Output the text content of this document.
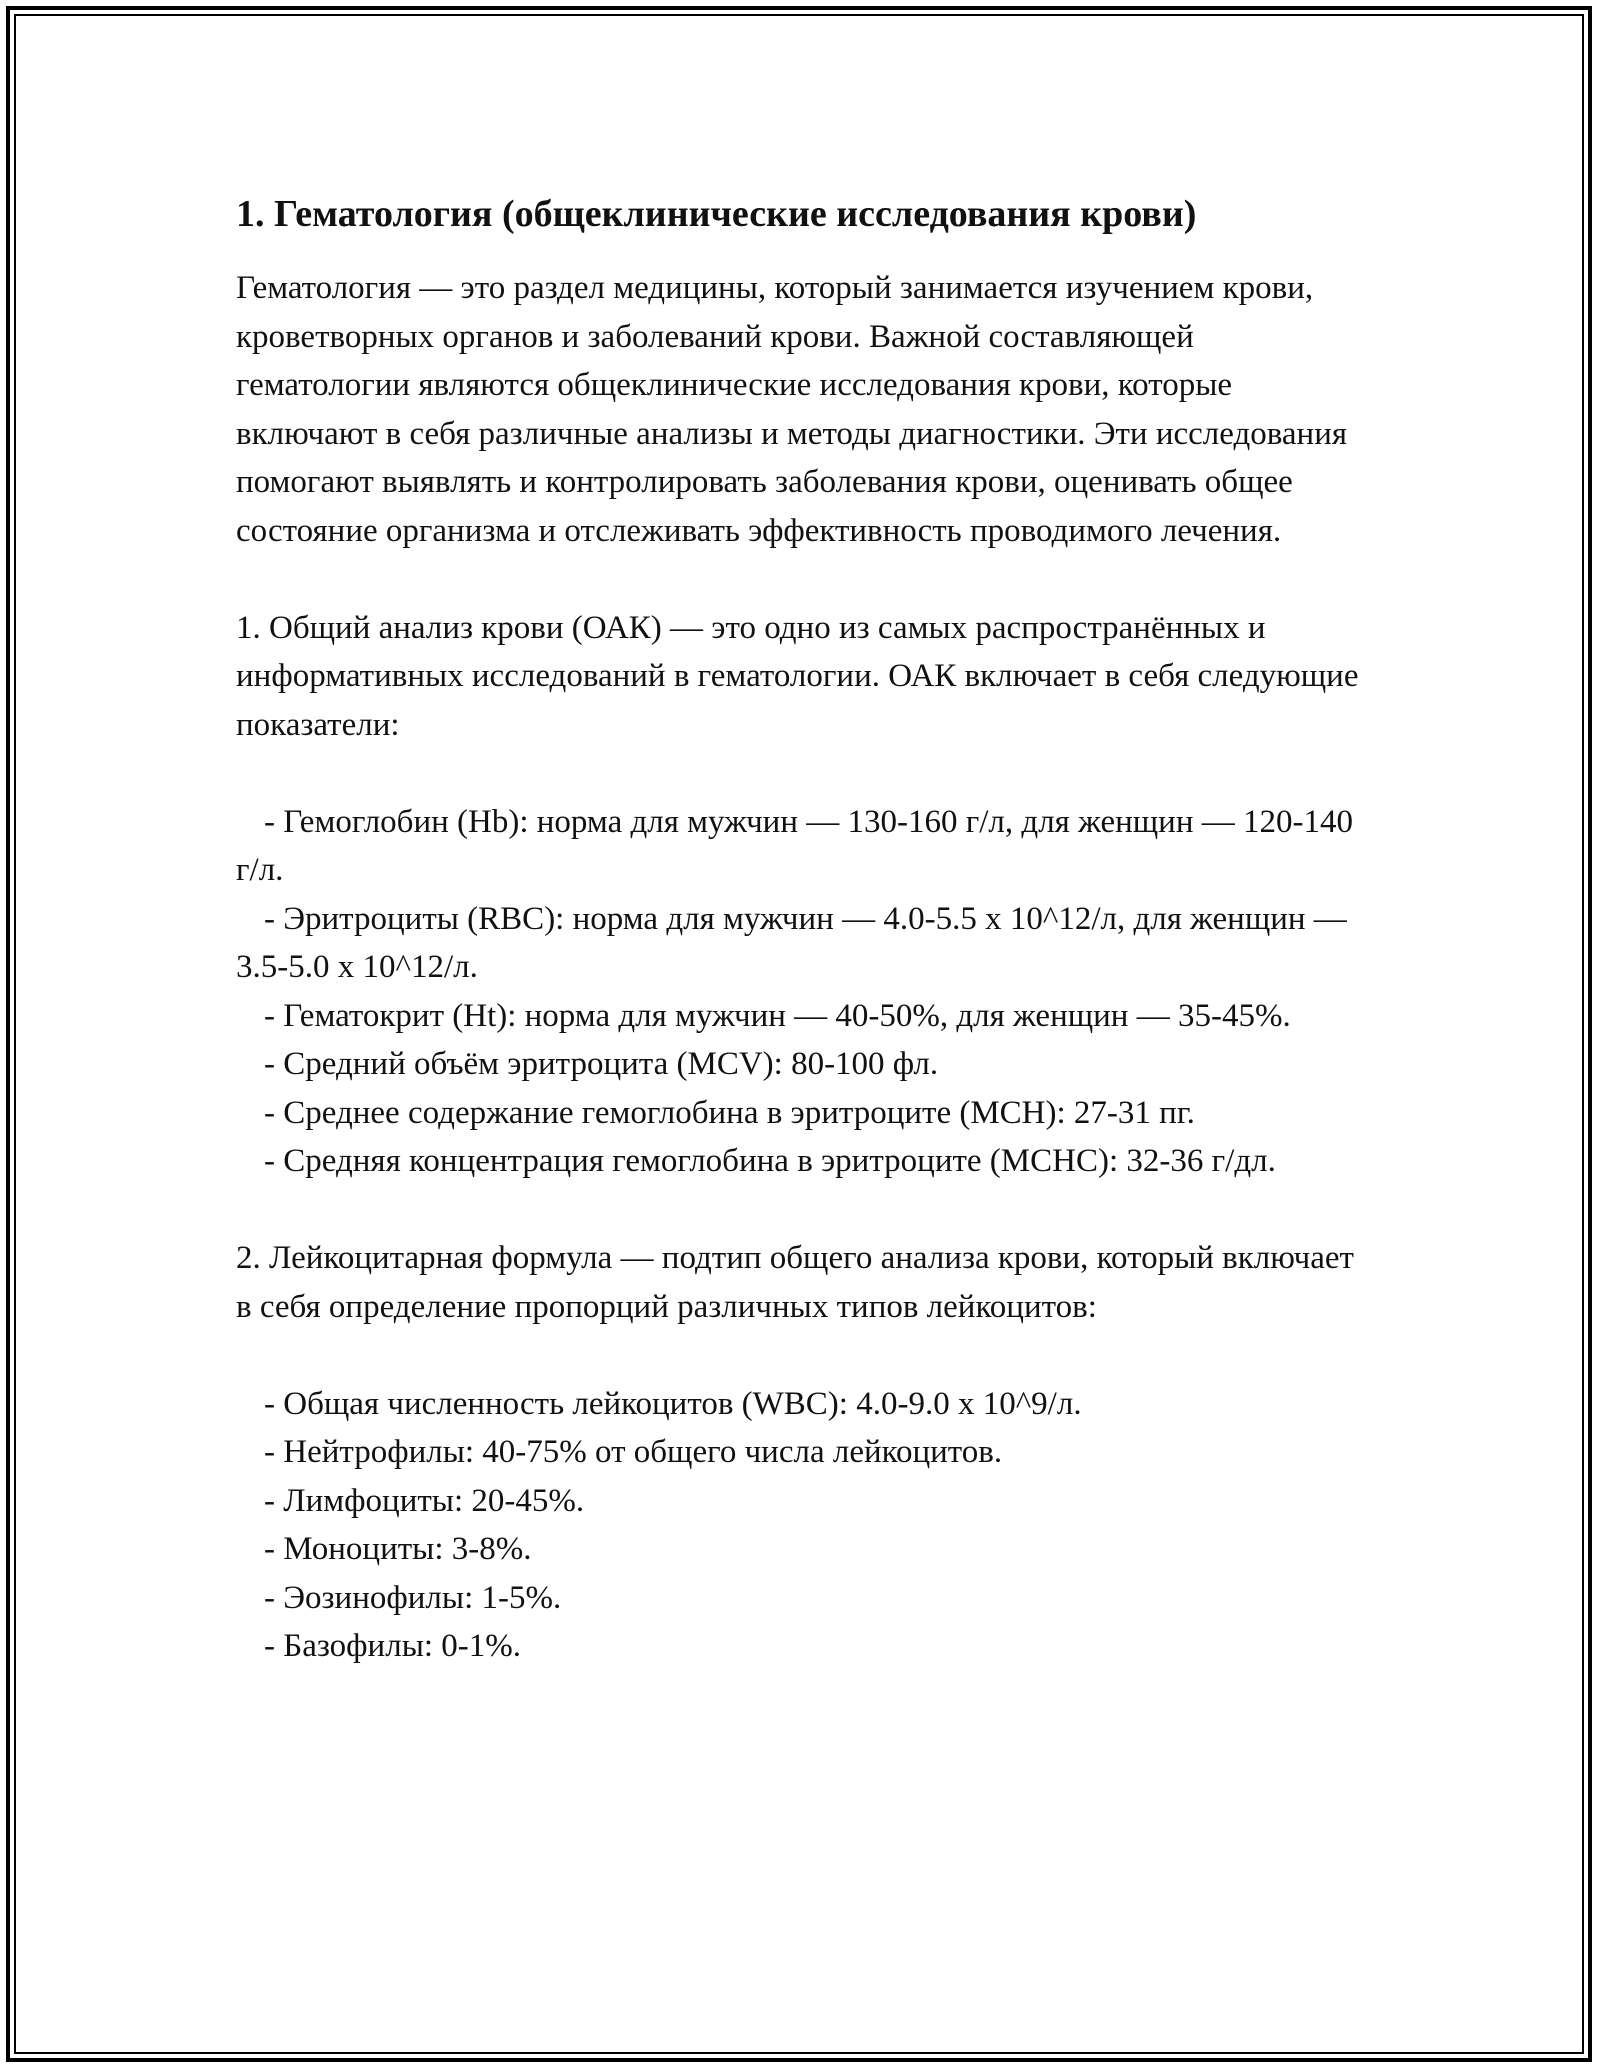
1. Гематология (общеклинические исследования крови)

Гематология — это раздел медицины, который занимается изучением крови, кроветворных органов и заболеваний крови. Важной составляющей гематологии являются общеклинические исследования крови, которые включают в себя различные анализы и методы диагностики. Эти исследования помогают выявлять и контролировать заболевания крови, оценивать общее состояние организма и отслеживать эффективность проводимого лечения.

1. Общий анализ крови (ОАК) — это одно из самых распространённых и информативных исследований в гематологии. ОАК включает в себя следующие показатели:

- Гемоглобин (Hb): норма для мужчин — 130-160 г/л, для женщин — 120-140 г/л.

- Эритроциты (RBC): норма для мужчин — 4.0-5.5 x 10^12/л, для женщин — 3.5-5.0 x 10^12/л.

- Гематокрит (Ht): норма для мужчин — 40-50%, для женщин — 35-45%.

- Средний объём эритроцита (MCV): 80-100 фл.

- Среднее содержание гемоглобина в эритроците (MCH): 27-31 пг.

- Средняя концентрация гемоглобина в эритроците (MCHC): 32-36 г/дл.

2. Лейкоцитарная формула — подтип общего анализа крови, который включает в себя определение пропорций различных типов лейкоцитов:

- Общая численность лейкоцитов (WBC): 4.0-9.0 x 10^9/л.

- Нейтрофилы: 40-75% от общего числа лейкоцитов.

- Лимфоциты: 20-45%.

- Моноциты: 3-8%.

- Эозинофилы: 1-5%.

- Базофилы: 0-1%.
